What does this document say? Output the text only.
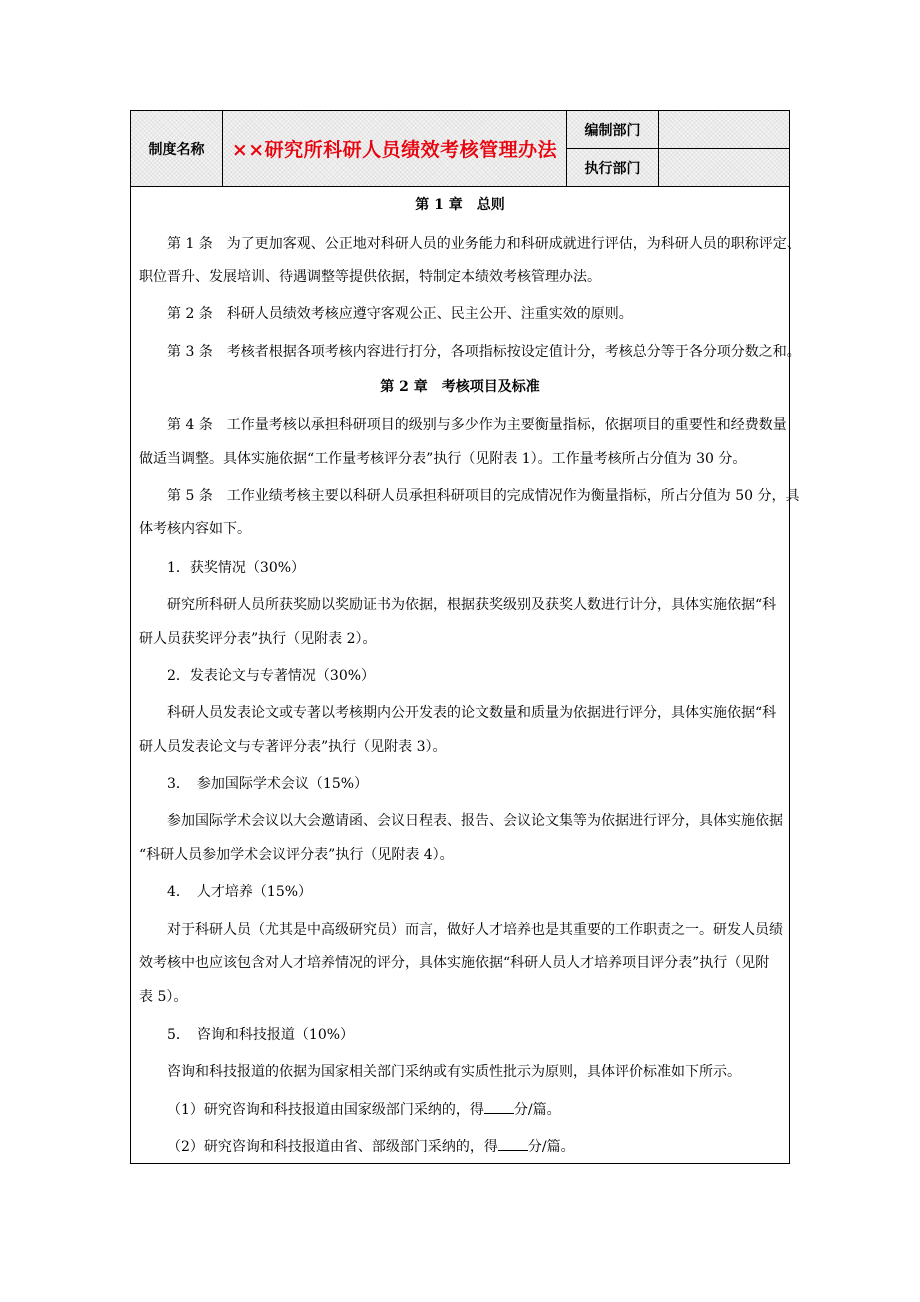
制度名称	××研究所科研人员绩效考核管理办法
编制部门
执行部门
第 1 章　总则
第 1 条　为了更加客观、公正地对科研人员的业务能力和科研成就进行评估，为科研人员的职称评定、
职位晋升、发展培训、待遇调整等提供依据，特制定本绩效考核管理办法。
第 2 条　科研人员绩效考核应遵守客观公正、民主公开、注重实效的原则。
第 3 条　考核者根据各项考核内容进行打分，各项指标按设定值计分，考核总分等于各分项分数之和。
第 2 章　考核项目及标准
第 4 条　工作量考核以承担科研项目的级别与多少作为主要衡量指标，依据项目的重要性和经费数量
做适当调整。具体实施依据“工作量考核评分表”执行（见附表 1）。工作量考核所占分值为 30 分。
第 5 条　工作业绩考核主要以科研人员承担科研项目的完成情况作为衡量指标，所占分值为 50 分，具
体考核内容如下。
1．获奖情况（30%）
研究所科研人员所获奖励以奖励证书为依据，根据获奖级别及获奖人数进行计分，具体实施依据“科
研人员获奖评分表”执行（见附表 2）。
2．发表论文与专著情况（30%）
科研人员发表论文或专著以考核期内公开发表的论文数量和质量为依据进行评分，具体实施依据“科
研人员发表论文与专著评分表”执行（见附表 3）。
3．　参加国际学术会议（15%）
参加国际学术会议以大会邀请函、会议日程表、报告、会议论文集等为依据进行评分，具体实施依据
“科研人员参加学术会议评分表”执行（见附表 4）。
4．　人才培养（15%）
对于科研人员（尤其是中高级研究员）而言，做好人才培养也是其重要的工作职责之一。研发人员绩
效考核中也应该包含对人才培养情况的评分，具体实施依据“科研人员人才培养项目评分表”执行（见附
表 5）。
5．　咨询和科技报道（10%）
咨询和科技报道的依据为国家相关部门采纳或有实质性批示为原则，具体评价标准如下所示。
（1）研究咨询和科技报道由国家级部门采纳的，得 分/篇。
（2）研究咨询和科技报道由省、部级部门采纳的，得 分/篇。
